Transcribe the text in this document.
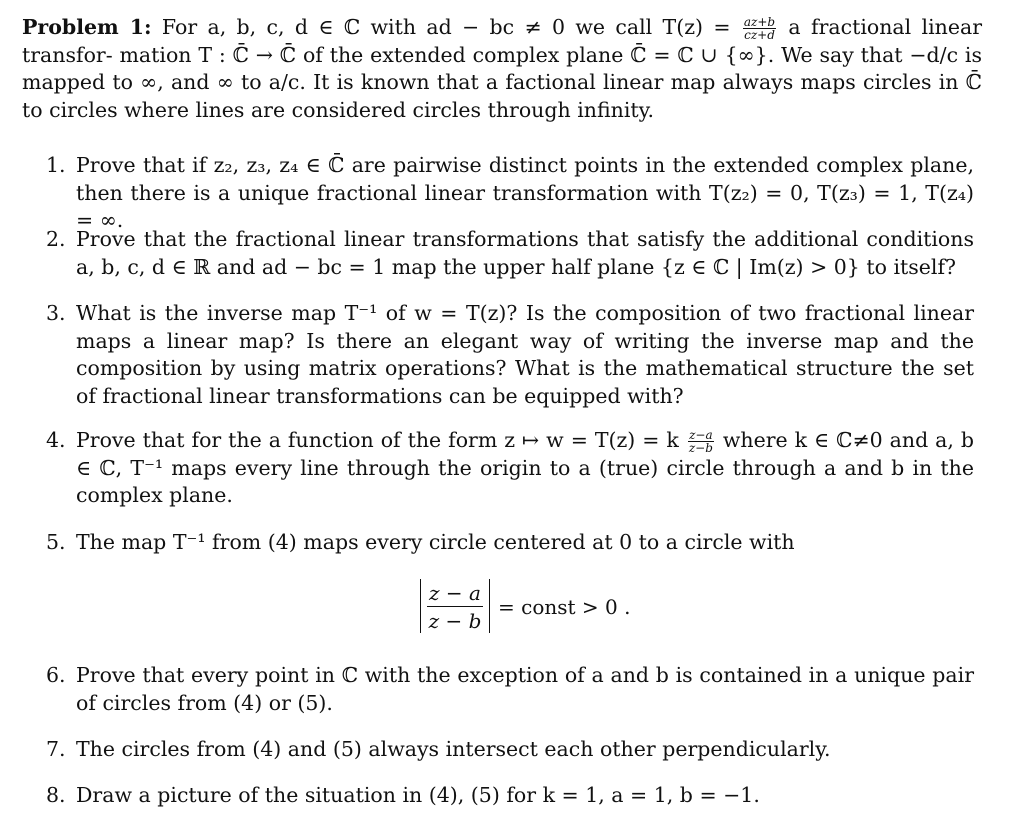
Problem 1: For a, b, c, d ∈ ℂ with ad − bc ≠ 0 we call $T(z) = \frac{az+b}{cz+d}$ a fractional linear transfor- mation T : ℂ̄ → ℂ̄ of the extended complex plane ℂ̄ = ℂ ∪ {∞}. We say that −d/c is mapped to ∞, and ∞ to a/c. It is known that a factional linear map always maps circles in ℂ̄ to circles where lines are considered circles through infinity.
1. Prove that if z₂, z₃, z₄ ∈ ℂ̄ are pairwise distinct points in the extended complex plane, then there is a unique fractional linear transformation with T(z₂) = 0, T(z₃) = 1, T(z₄) = ∞.
2. Prove that the fractional linear transformations that satisfy the additional conditions a, b, c, d ∈ ℝ and ad − bc = 1 map the upper half plane {z ∈ ℂ | Im(z) > 0} to itself?
3. What is the inverse map T⁻¹ of w = T(z)? Is the composition of two fractional linear maps a linear map? Is there an elegant way of writing the inverse map and the composition by using matrix operations? What is the mathematical structure the set of fractional linear transformations can be equipped with?
4. Prove that for the a function of the form z ↦ w = T(z) = k $\frac{z-a}{z-b}$ where k ∈ ℂ≠0 and a, b ∈ ℂ, T⁻¹ maps every line through the origin to a (true) circle through a and b in the complex plane.
5. The map T⁻¹ from (4) maps every circle centered at 0 to a circle with
z − a
z − b
= const > 0 .
6. Prove that every point in ℂ with the exception of a and b is contained in a unique pair of circles from (4) or (5).
7. The circles from (4) and (5) always intersect each other perpendicularly.
8. Draw a picture of the situation in (4), (5) for k = 1, a = 1, b = −1.
